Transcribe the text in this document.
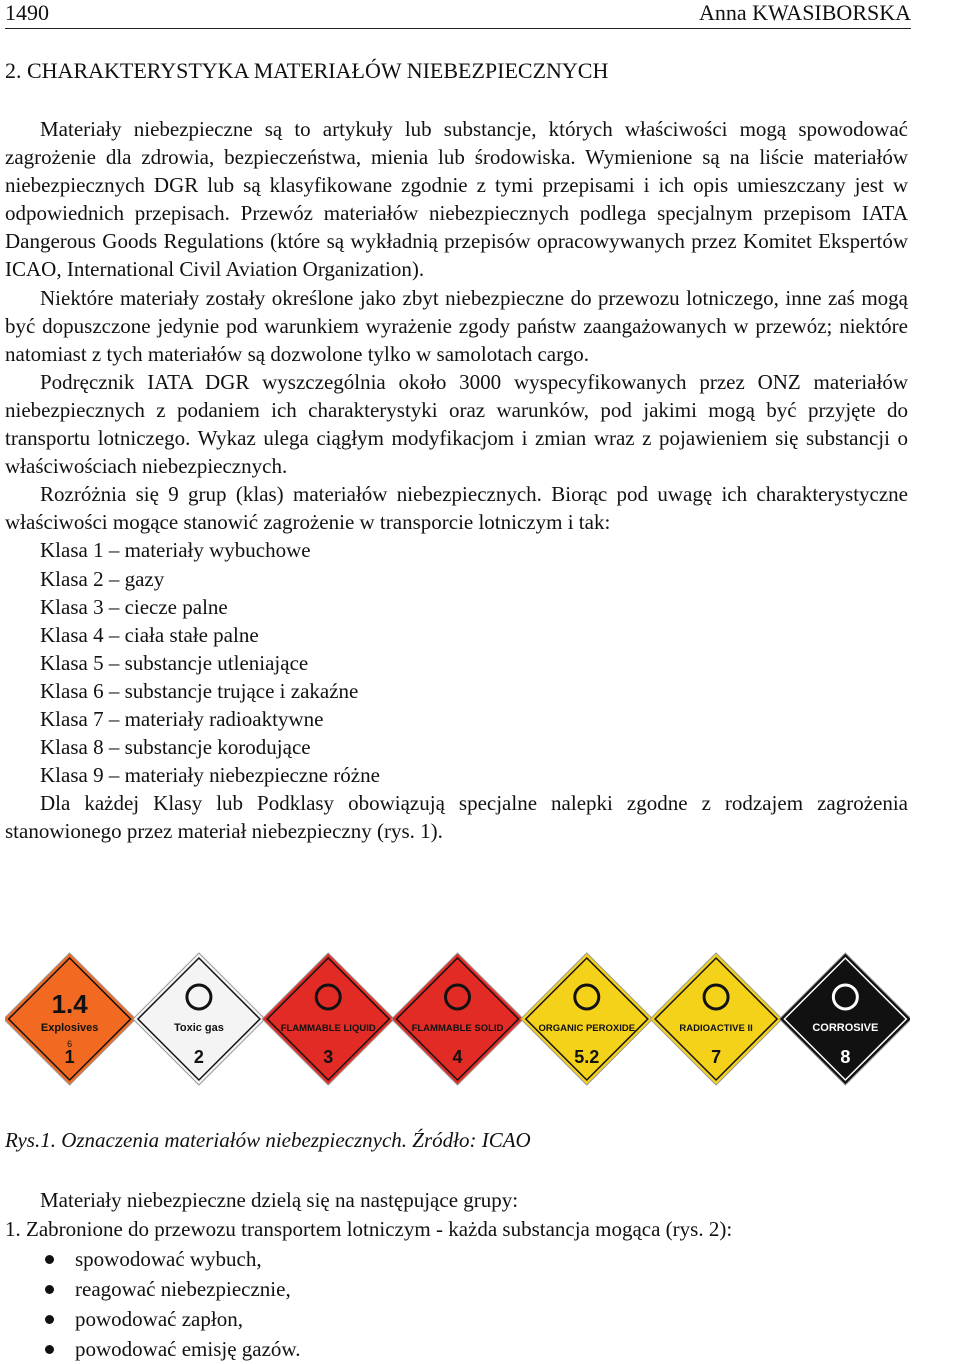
1490	Anna KWASIBORSKA
2. CHARAKTERYSTYKA MATERIAŁÓW NIEBEZPIECZNYCH

Materiały niebezpieczne są to artykuły lub substancje, których właściwości mogą spowodować zagrożenie dla zdrowia, bezpieczeństwa, mienia lub środowiska. Wymienione są na liście materiałów niebezpiecznych DGR lub są klasyfikowane zgodnie z tymi przepisami i ich opis umieszczany jest w odpowiednich przepisach. Przewóz materiałów niebezpiecznych podlega specjalnym przepisom IATA Dangerous Goods Regulations (które są wykładnią przepisów opracowywanych przez Komitet Ekspertów ICAO, International Civil Aviation Organization).

Niektóre materiały zostały określone jako zbyt niebezpieczne do przewozu lotniczego, inne zaś mogą być dopuszczone jedynie pod warunkiem wyrażenie zgody państw zaangażowanych w przewóz; niektóre natomiast z tych materiałów są dozwolone tylko w samolotach cargo.

Podręcznik IATA DGR wyszczególnia około 3000 wyspecyfikowanych przez ONZ materiałów niebezpiecznych z podaniem ich charakterystyki oraz warunków, pod jakimi mogą być przyjęte do transportu lotniczego. Wykaz ulega ciągłym modyfikacjom i zmian wraz z pojawieniem się substancji o właściwościach niebezpiecznych.

Rozróżnia się 9 grup (klas) materiałów niebezpiecznych. Biorąc pod uwagę ich charakterystyczne właściwości mogące stanowić zagrożenie w transporcie lotniczym i tak:

Klasa 1 – materiały wybuchowe
Klasa 2 – gazy
Klasa 3 – ciecze palne
Klasa 4 – ciała stałe palne
Klasa 5 – substancje utleniające
Klasa 6 – substancje trujące i zakaźne
Klasa 7 – materiały radioaktywne
Klasa 8 – substancje korodujące
Klasa 9 – materiały niebezpieczne różne

Dla każdej Klasy lub Podklasy obowiązują specjalne nalepki zgodne z rodzajem zagrożenia stanowionego przez materiał niebezpieczny (rys. 1).

1.4
Explosives
1
6
Toxic gas
2
FLAMMABLE LIQUID
3
FLAMMABLE SOLID
4
ORGANIC PEROXIDE
5.2
RADIOACTIVE II
7
CORROSIVE
8
Rys.1. Oznaczenia materiałów niebezpiecznych. Źródło: ICAO

Materiały niebezpieczne dzielą się na następujące grupy:

1. Zabronione do przewozu transportem lotniczym - każda substancja mogąca (rys. 2):

spowodować wybuch,
reagować niebezpiecznie,
powodować zapłon,
powodować emisję gazów.
